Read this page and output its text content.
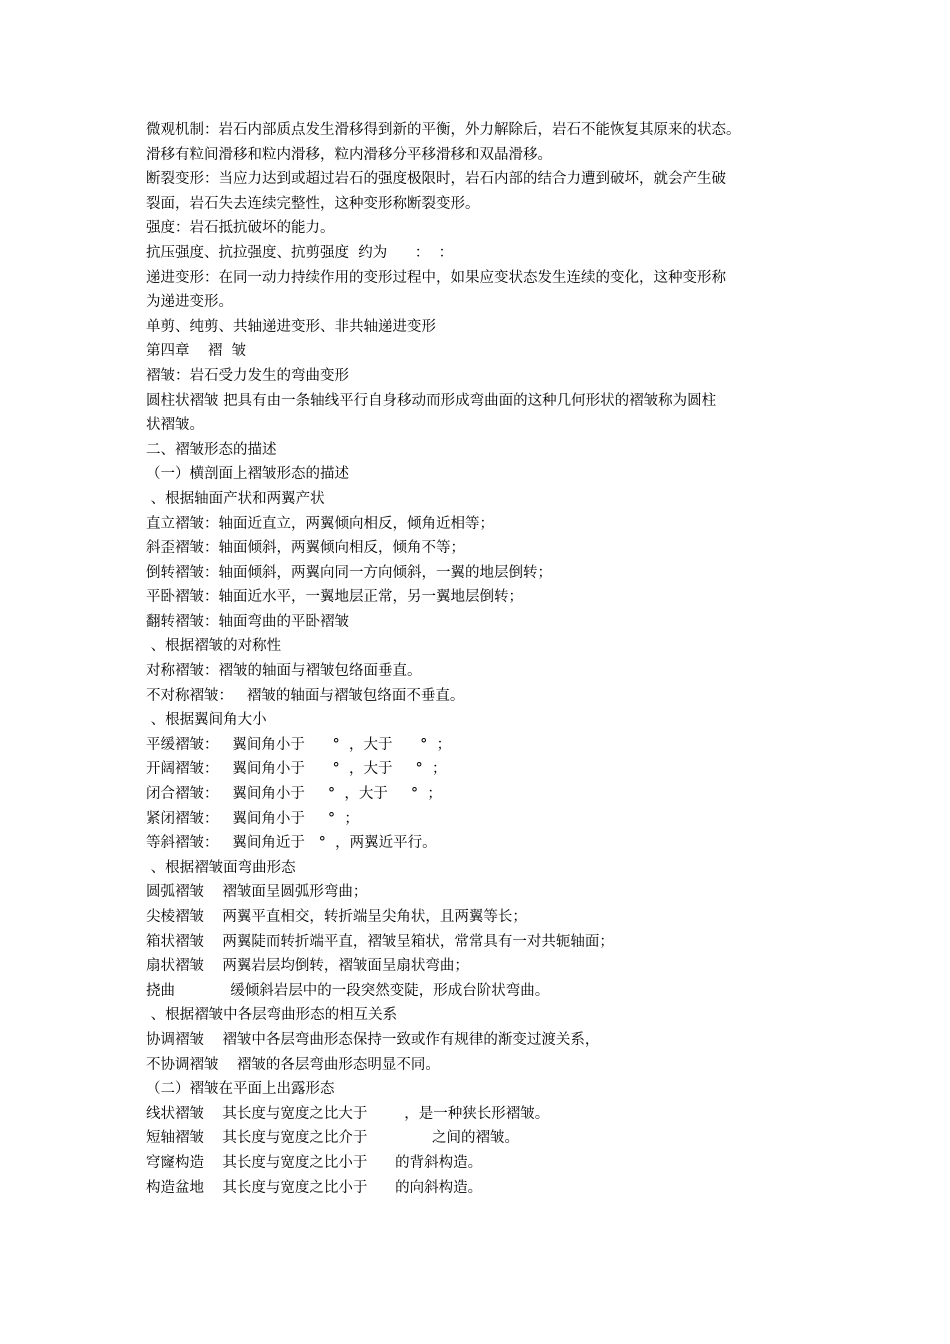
微观机制：岩石内部质点发生滑移得到新的平衡，外力解除后，岩石不能恢复其原来的状态。
滑移有粒间滑移和粒内滑移，粒内滑移分平移滑移和双晶滑移。
断裂变形：当应力达到或超过岩石的强度极限时，岩石内部的结合力遭到破坏，就会产生破
裂面，岩石失去连续完整性，这种变形称断裂变形。
强度：岩石抵抗破坏的能力。
抗压强度、抗拉强度、抗剪强度  约为      ：  ：
递进变形：在同一动力持续作用的变形过程中，如果应变状态发生连续的变化，这种变形称
为递进变形。
单剪、纯剪、共轴递进变形、非共轴递进变形
第四章    褶  皱
褶皱：岩石受力发生的弯曲变形
圆柱状褶皱 把具有由一条轴线平行自身移动而形成弯曲面的这种几何形状的褶皱称为圆柱
状褶皱。
二、褶皱形态的描述
（一）横剖面上褶皱形态的描述
、根据轴面产状和两翼产状
直立褶皱：轴面近直立，两翼倾向相反，倾角近相等；
斜歪褶皱：轴面倾斜，两翼倾向相反，倾角不等；
倒转褶皱：轴面倾斜，两翼向同一方向倾斜，一翼的地层倒转；
平卧褶皱：轴面近水平，一翼地层正常，另一翼地层倒转；
翻转褶皱：轴面弯曲的平卧褶皱
、根据褶皱的对称性
对称褶皱：褶皱的轴面与褶皱包络面垂直。
不对称褶皱：   褶皱的轴面与褶皱包络面不垂直。
、根据翼间角大小
平缓褶皱：   翼间角小于      °  ，大于      °  ；
开阔褶皱：   翼间角小于      °  ，大于     °  ；
闭合褶皱：   翼间角小于     °  ，大于     °  ；
紧闭褶皱：   翼间角小于     °  ；
等斜褶皱：   翼间角近于   °  ，两翼近平行。
、根据褶皱面弯曲形态
圆弧褶皱    褶皱面呈圆弧形弯曲；
尖棱褶皱    两翼平直相交，转折端呈尖角状，且两翼等长；
箱状褶皱    两翼陡而转折端平直，褶皱呈箱状，常常具有一对共轭轴面；
扇状褶皱    两翼岩层均倒转，褶皱面呈扇状弯曲；
挠曲            缓倾斜岩层中的一段突然变陡，形成台阶状弯曲。
、根据褶皱中各层弯曲形态的相互关系
协调褶皱    褶皱中各层弯曲形态保持一致或作有规律的渐变过渡关系，
不协调褶皱    褶皱的各层弯曲形态明显不同。
（二）褶皱在平面上出露形态
线状褶皱    其长度与宽度之比大于        ，是一种狭长形褶皱。
短轴褶皱    其长度与宽度之比介于              之间的褶皱。
穹窿构造    其长度与宽度之比小于      的背斜构造。
构造盆地    其长度与宽度之比小于      的向斜构造。
